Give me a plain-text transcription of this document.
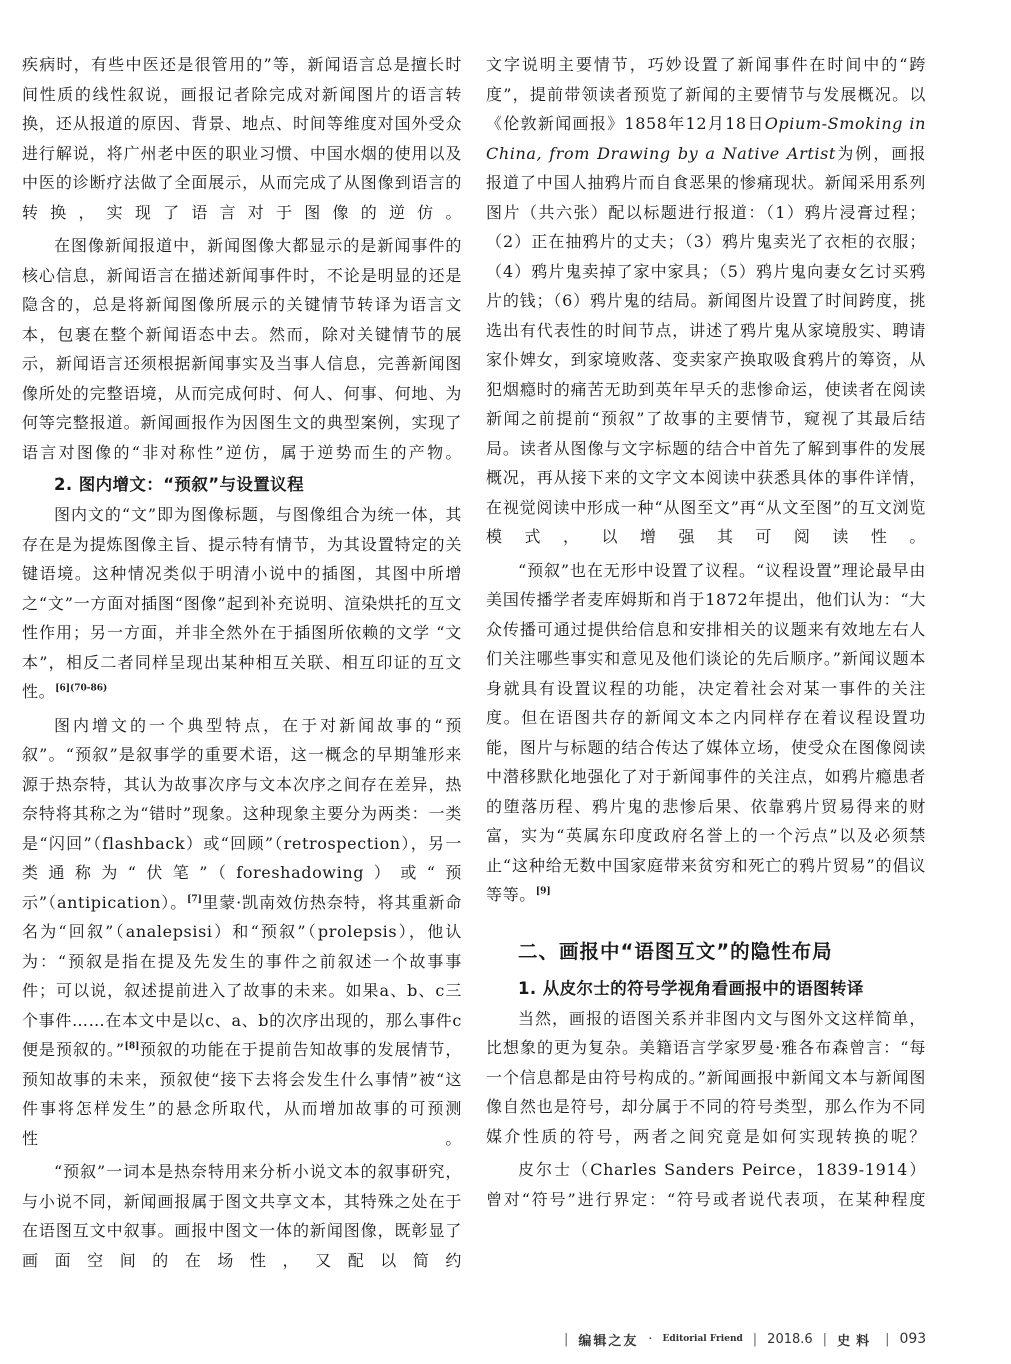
疾病时，有些中医还是很管用的”等，新闻语言总是擅长时间性质的线性叙说，画报记者除完成对新闻图片的语言转换，还从报道的原因、背景、地点、时间等维度对国外受众进行解说，将广州老中医的职业习惯、中国水烟的使用以及中医的诊断疗法做了全面展示，从而完成了从图像到语言的转换，实现了语言对于图像的逆仿。

在图像新闻报道中，新闻图像大都显示的是新闻事件的核心信息，新闻语言在描述新闻事件时，不论是明显的还是隐含的，总是将新闻图像所展示的关键情节转译为语言文本，包裹在整个新闻语态中去。然而，除对关键情节的展示，新闻语言还须根据新闻事实及当事人信息，完善新闻图像所处的完整语境，从而完成何时、何人、何事、何地、为何等完整报道。新闻画报作为因图生文的典型案例，实现了语言对图像的“非对称性”逆仿，属于逆势而生的产物。

2. 图内增文：“预叙”与设置议程

图内文的“文”即为图像标题，与图像组合为统一体，其存在是为提炼图像主旨、提示特有情节，为其设置特定的关键语境。这种情况类似于明清小说中的插图，其图中所增之“文”一方面对插图“图像”起到补充说明、渲染烘托的互文性作用；另一方面，并非全然外在于插图所依赖的文学 “文本”，相反二者同样呈现出某种相互关联、相互印证的互文性。$^{[6](70-86)}$

图内增文的一个典型特点，在于对新闻故事的“预叙”。“预叙”是叙事学的重要术语，这一概念的早期雏形来源于热奈特，其认为故事次序与文本次序之间存在差异，热奈特将其称之为“错时”现象。这种现象主要分为两类：一类是“闪回”（flashback）或“回顾”（retrospection），另一类通称为“伏笔”（foreshadowing）或“预示”（antipication）。[7]里蒙·凯南效仿热奈特，将其重新命名为“回叙”（analepsisi）和“预叙”（prolepsis），他认为：“预叙是指在提及先发生的事件之前叙述一个故事事件；可以说，叙述提前进入了故事的未来。如果a、b、c三个事件……在本文中是以c、a、b的次序出现的，那么事件c便是预叙的。”[8]预叙的功能在于提前告知故事的发展情节，预知故事的未来，预叙使“接下去将会发生什么事情”被“这件事将怎样发生”的悬念所取代，从而增加故事的可预测性。

“预叙”一词本是热奈特用来分析小说文本的叙事研究，与小说不同，新闻画报属于图文共享文本，其特殊之处在于在语图互文中叙事。画报中图文一体的新闻图像，既彰显了画面空间的在场性，又配以简约

文字说明主要情节，巧妙设置了新闻事件在时间中的“跨度”，提前带领读者预览了新闻的主要情节与发展概况。以《伦敦新闻画报》1858年12月18日Opium-Smoking in China, from Drawing by a Native Artist为例，画报报道了中国人抽鸦片而自食恶果的惨痛现状。新闻采用系列图片（共六张）配以标题进行报道：（1）鸦片浸膏过程；（2）正在抽鸦片的丈夫；（3）鸦片鬼卖光了衣柜的衣服；（4）鸦片鬼卖掉了家中家具；（5）鸦片鬼向妻女乞讨买鸦片的钱；（6）鸦片鬼的结局。新闻图片设置了时间跨度，挑选出有代表性的时间节点，讲述了鸦片鬼从家境殷实、聘请家仆婢女，到家境败落、变卖家产换取吸食鸦片的筹资，从犯烟瘾时的痛苦无助到英年早夭的悲惨命运，使读者在阅读新闻之前提前“预叙”了故事的主要情节，窥视了其最后结局。读者从图像与文字标题的结合中首先了解到事件的发展概况，再从接下来的文字文本阅读中获悉具体的事件详情，在视觉阅读中形成一种“从图至文”再“从文至图”的互文浏览模式，以增强其可阅读性。

“预叙”也在无形中设置了议程。“议程设置”理论最早由美国传播学者麦库姆斯和肖于1872年提出，他们认为：“大众传播可通过提供给信息和安排相关的议题来有效地左右人们关注哪些事实和意见及他们谈论的先后顺序。”新闻议题本身就具有设置议程的功能，决定着社会对某一事件的关注度。但在语图共存的新闻文本之内同样存在着议程设置功能，图片与标题的结合传达了媒体立场，使受众在图像阅读中潜移默化地强化了对于新闻事件的关注点，如鸦片瘾患者的堕落历程、鸦片鬼的悲惨后果、依靠鸦片贸易得来的财富，实为“英属东印度政府名誉上的一个污点”以及必须禁止“这种给无数中国家庭带来贫穷和死亡的鸦片贸易”的倡议等等。[9]

二、画报中“语图互文”的隐性布局
1. 从皮尔士的符号学视角看画报中的语图转译

当然，画报的语图关系并非图内文与图外文这样简单，比想象的更为复杂。美籍语言学家罗曼·雅各布森曾言：“每一个信息都是由符号构成的。”新闻画报中新闻文本与新闻图像自然也是符号，却分属于不同的符号类型，那么作为不同媒介性质的符号，两者之间究竟是如何实现转换的呢？

皮尔士（Charles Sanders Peirce，1839-1914）曾对“符号”进行界定：“符号或者说代表项，在某种程度

| 编辑之友 · Editorial Friend | 2018.6 | 史料 | 093
